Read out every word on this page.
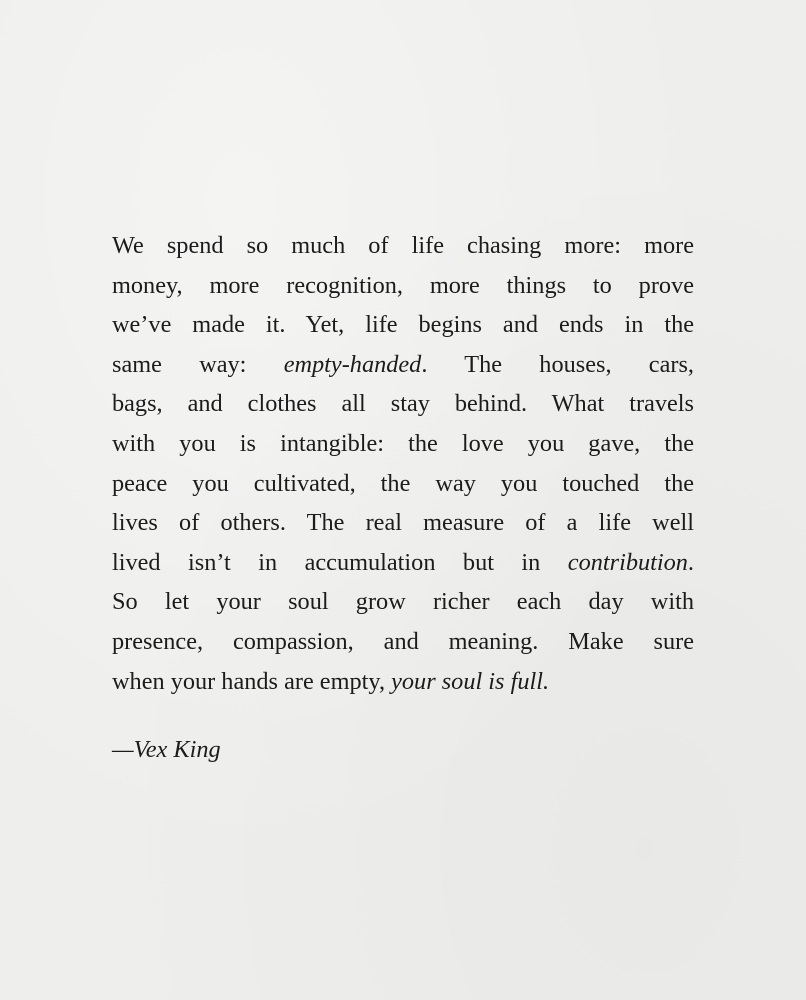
We spend so much of life chasing more: more
money, more recognition, more things to prove
we’ve made it. Yet, life begins and ends in the
same way: empty-handed. The houses, cars,
bags, and clothes all stay behind. What travels
with you is intangible: the love you gave, the
peace you cultivated, the way you touched the
lives of others. The real measure of a life well
lived isn’t in accumulation but in contribution.
So let your soul grow richer each day with
presence, compassion, and meaning. Make sure
when your hands are empty, your soul is full.
—Vex King
